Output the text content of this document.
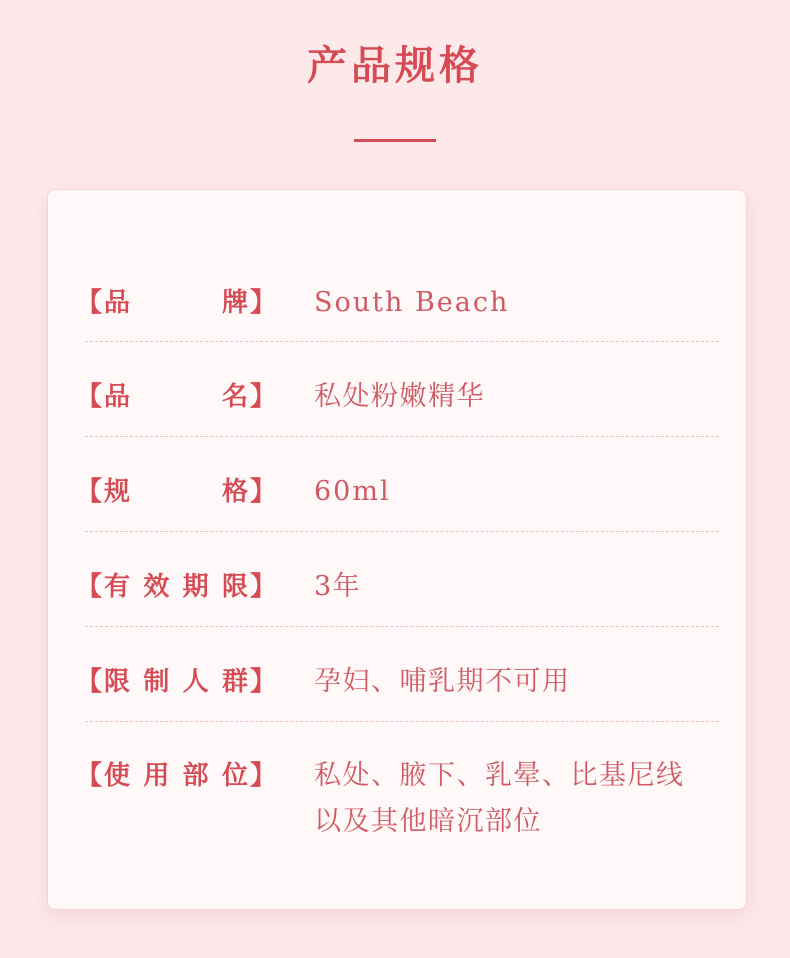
产品规格
【 品	牌 】 South Beach
【 品	名 】 私处粉嫩精华
【 规	格 】 60ml
【 有 效 期 限 】 3年
【 限 制 人 群 】 孕妇、哺乳期不可用
【 使 用 部 位 】 私处、腋下、乳晕、比基尼线
以及其他暗沉部位
